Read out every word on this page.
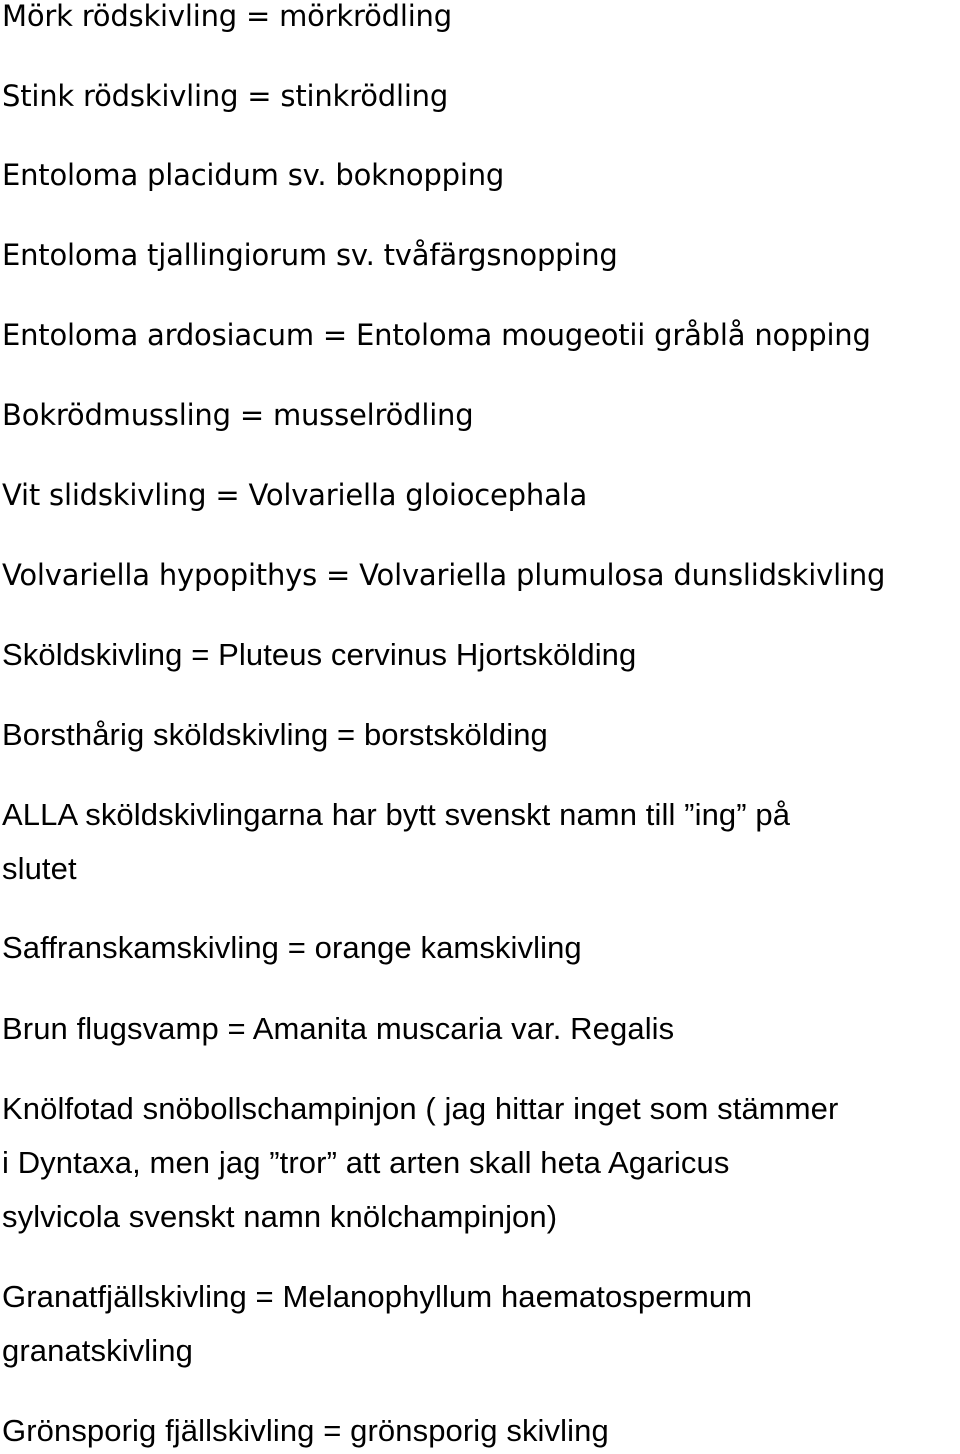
Mörk rödskivling = mörkrödling

Stink rödskivling = stinkrödling

Entoloma placidum sv. boknopping

Entoloma tjallingiorum sv. tvåfärgsnopping

Entoloma ardosiacum = Entoloma mougeotii gråblå nopping

Bokrödmussling = musselrödling

Vit slidskivling = Volvariella gloiocephala

Volvariella hypopithys = Volvariella plumulosa dunslidskivling

Sköldskivling = Pluteus cervinus Hjortskölding

Borsthårig sköldskivling = borstskölding

ALLA sköldskivlingarna har bytt svenskt namn till ”ing” på

slutet

Saffranskamskivling = orange kamskivling

Brun flugsvamp = Amanita muscaria var. Regalis

Knölfotad snöbollschampinjon ( jag hittar inget som stämmer

i Dyntaxa, men jag ”tror” att arten skall heta Agaricus

sylvicola svenskt namn knölchampinjon)

Granatfjällskivling = Melanophyllum haematospermum

granatskivling

Grönsporig fjällskivling = grönsporig skivling
